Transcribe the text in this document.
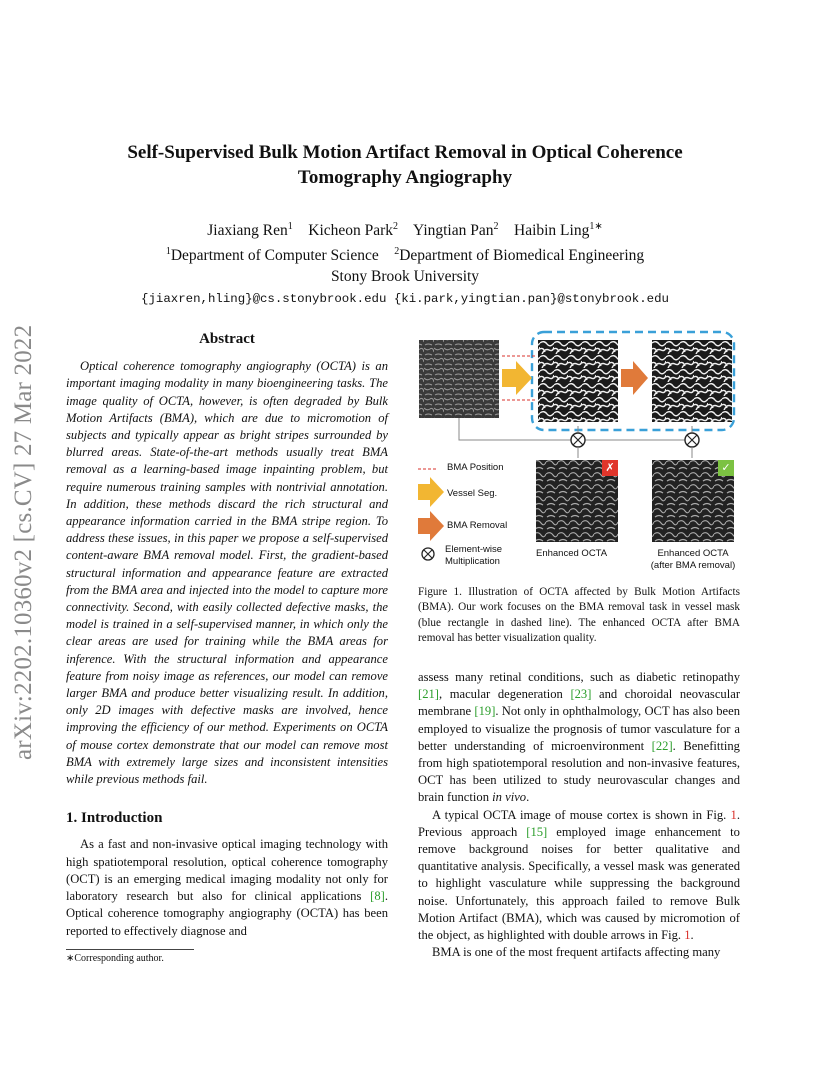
arXiv:2202.10360v2 [cs.CV] 27 Mar 2022
Self-Supervised Bulk Motion Artifact Removal in Optical Coherence Tomography Angiography
Jiaxiang Ren$^1$ Kicheon Park$^2$ Yingtian Pan$^2$ Haibin Ling$^{1∗}$
$^1$Department of Computer Science $^2$Department of Biomedical Engineering
Stony Brook University
{jiaxren,hling}@cs.stonybrook.edu {ki.park,yingtian.pan}@stonybrook.edu
Abstract

Optical coherence tomography angiography (OCTA) is an important imaging modality in many bioengineering tasks. The image quality of OCTA, however, is often degraded by Bulk Motion Artifacts (BMA), which are due to micromotion of subjects and typically appear as bright stripes surrounded by blurred areas. State-of-the-art methods usually treat BMA removal as a learning-based image inpainting problem, but require numerous training samples with nontrivial annotation. In addition, these methods discard the rich structural and appearance information carried in the BMA stripe region. To address these issues, in this paper we propose a self-supervised content-aware BMA removal model. First, the gradient-based structural information and appearance feature are extracted from the BMA area and injected into the model to capture more connectivity. Second, with easily collected defective masks, the model is trained in a self-supervised manner, in which only the clear areas are used for training while the BMA areas for inference. With the structural information and appearance feature from noisy image as references, our model can remove larger BMA and produce better visualizing result. In addition, only 2D images with defective masks are involved, hence improving the efficiency of our method. Experiments on OCTA of mouse cortex demonstrate that our model can remove most BMA with extremely large sizes and inconsistent intensities while previous methods fail.

1. Introduction

As a fast and non-invasive optical imaging technology with high spatiotemporal resolution, optical coherence tomography (OCT) is an emerging medical imaging modality not only for laboratory research but also for clinical applications [8]. Optical coherence tomography angiography (OCTA) has been reported to effectively diagnose and

∗Corresponding author.
BMA Position
Vessel Seg.
BMA Removal
Element-wise
Multiplication
Enhanced OCTA	Enhanced OCTA
(after BMA removal)
✗	✓
Figure 1. Illustration of OCTA affected by Bulk Motion Artifacts (BMA). Our work focuses on the BMA removal task in vessel mask (blue rectangle in dashed line). The enhanced OCTA after BMA removal has better visualization quality.

assess many retinal conditions, such as diabetic retinopathy [21], macular degeneration [23] and choroidal neovascular membrane [19]. Not only in ophthalmology, OCT has also been employed to visualize the prognosis of tumor vasculature for a better understanding of microenvironment [22]. Benefitting from high spatiotemporal resolution and non-invasive features, OCT has been utilized to study neurovascular changes and brain function in vivo.

A typical OCTA image of mouse cortex is shown in Fig. 1. Previous approach [15] employed image enhancement to remove background noises for better qualitative and quantitative analysis. Specifically, a vessel mask was generated to highlight vasculature while suppressing the background noise. Unfortunately, this approach failed to remove Bulk Motion Artifact (BMA), which was caused by micromotion of the object, as highlighted with double arrows in Fig. 1.

BMA is one of the most frequent artifacts affecting many
